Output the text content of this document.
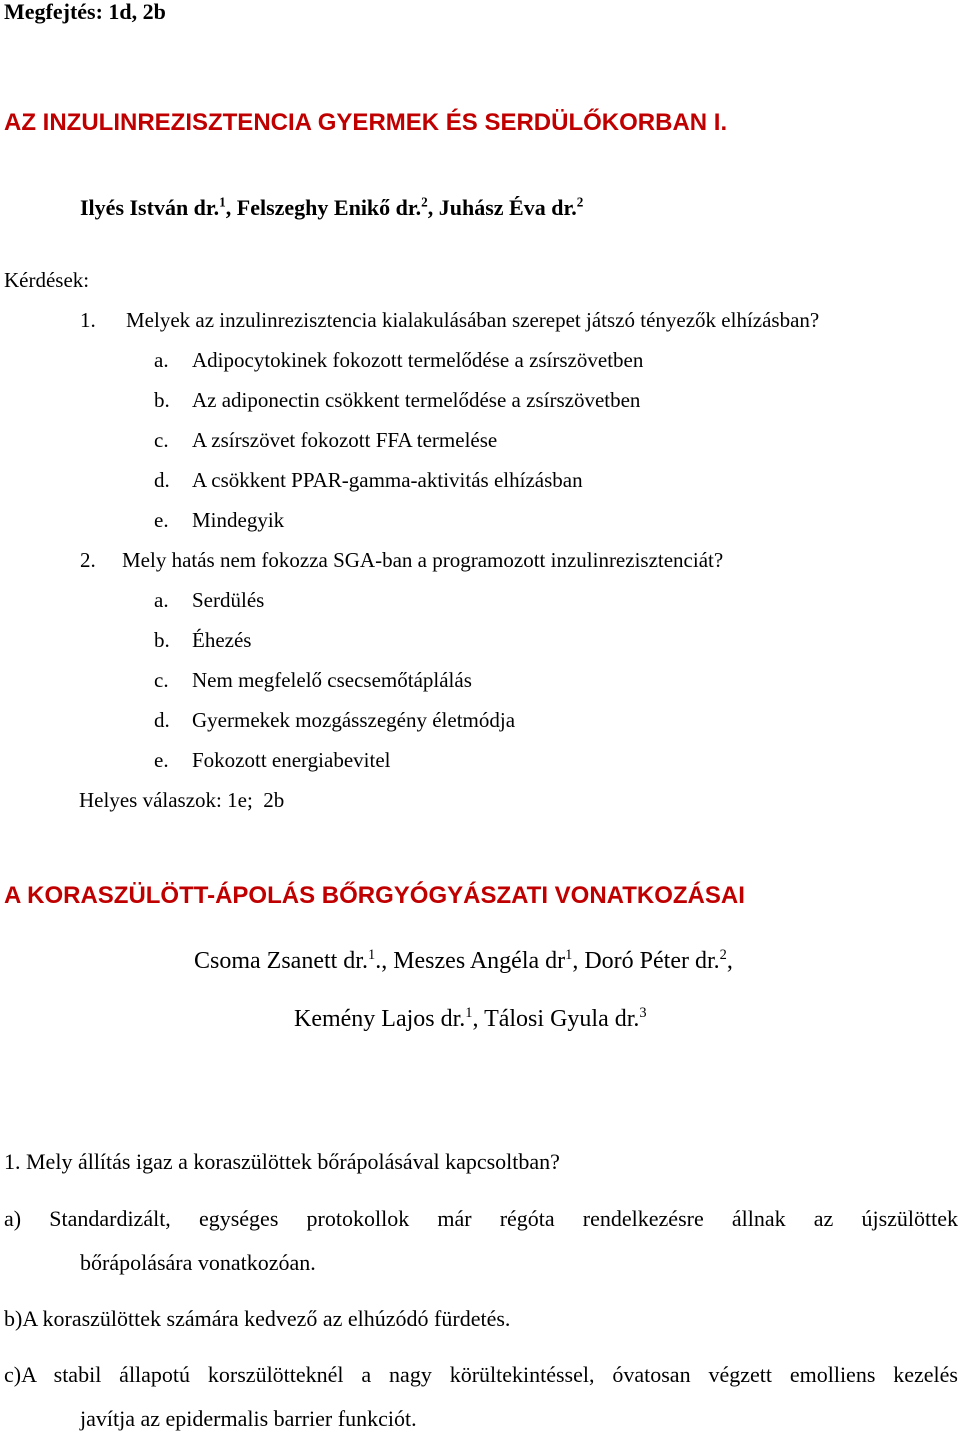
Megfejtés: 1d, 2b
AZ INZULINREZISZTENCIA GYERMEK ÉS SERDÜLŐKORBAN I.
Ilyés István dr.$^1$, Felszeghy Enikő dr.$^2$, Juhász Éva dr.$^2$
Kérdések:
1. Melyek az inzulinrezisztencia kialakulásában szerepet játszó tényezők elhízásban?
a. Adipocytokinek fokozott termelődése a zsírszövetben
b. Az adiponectin csökkent termelődése a zsírszövetben
c. A zsírszövet fokozott FFA termelése
d. A csökkent PPAR-gamma-aktivitás elhízásban
e. Mindegyik
2. Mely hatás nem fokozza SGA-ban a programozott inzulinrezisztenciát?
a. Serdülés
b. Éhezés
c. Nem megfelelő csecsemőtáplálás
d. Gyermekek mozgásszegény életmódja
e. Fokozott energiabevitel
Helyes válaszok: 1e;  2b
A KORASZÜLÖTT-ÁPOLÁS BŐRGYÓGYÁSZATI VONATKOZÁSAI
Csoma Zsanett dr.$^1$., Meszes Angéla $dr^1$, Doró Péter dr.$^2$,
Kemény Lajos dr.$^1$, Tálosi Gyula dr.$^3$
1. Mely állítás igaz a koraszülöttek bőrápolásával kapcsoltban?
a) Standardizált, egységes protokollok már régóta rendelkezésre állnak az újszülöttek
bőrápolására vonatkozóan.
b)A koraszülöttek számára kedvező az elhúzódó fürdetés.
c)A stabil állapotú korszülötteknél a nagy körültekintéssel, óvatosan végzett emolliens kezelés
javítja az epidermalis barrier funkciót.
